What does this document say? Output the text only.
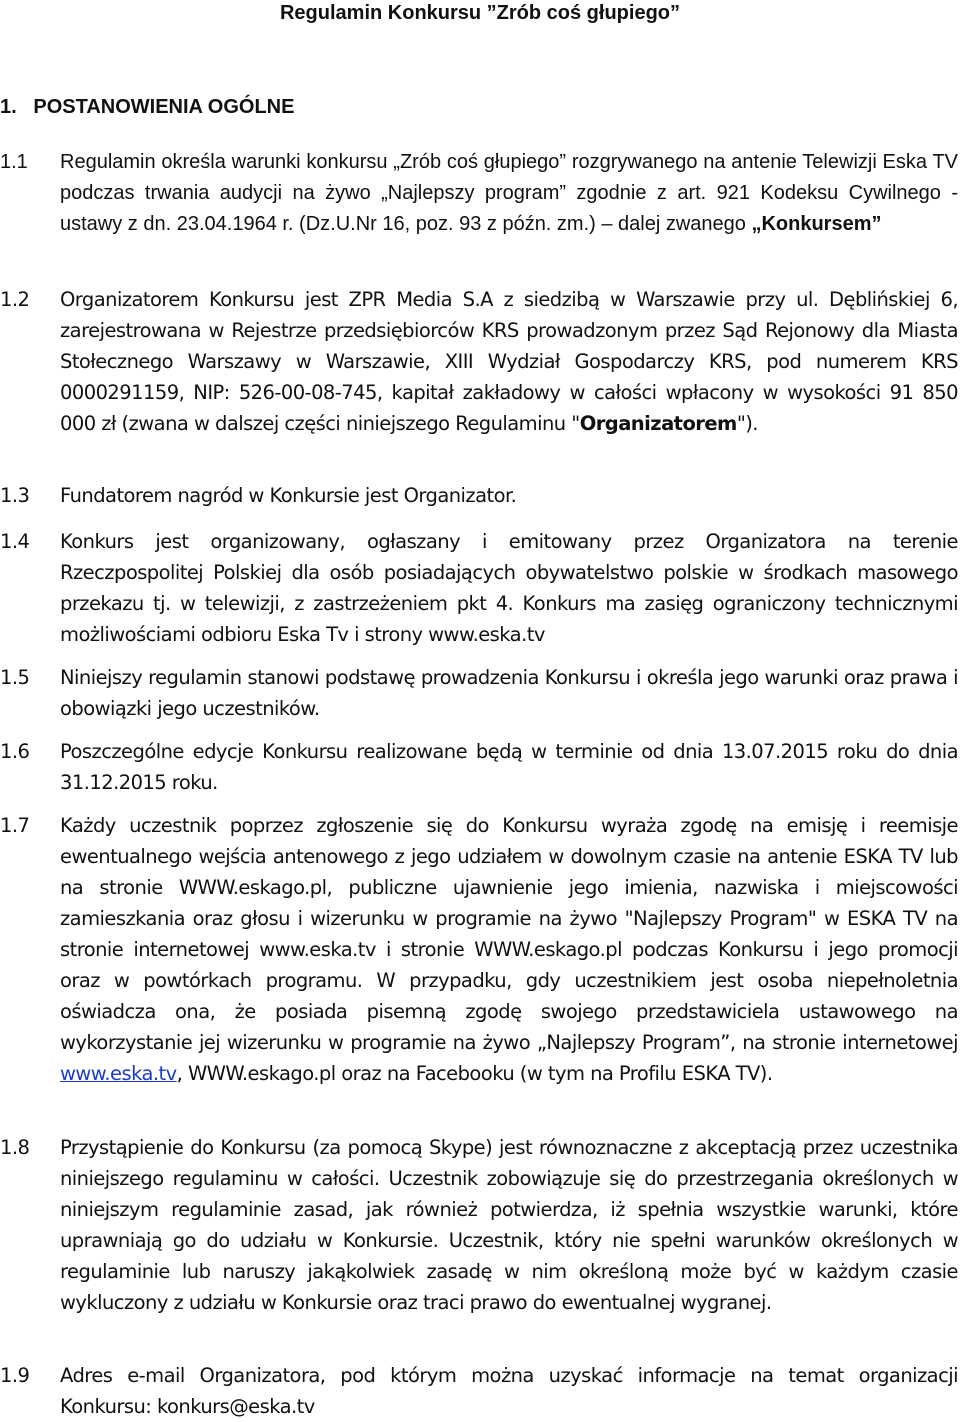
Regulamin Konkursu ”Zrób coś głupiego”
1.   POSTANOWIENIA OGÓLNE
1.1 Regulamin określa warunki konkursu „Zrób coś głupiego” rozgrywanego na antenie Telewizji Eska TV podczas trwania audycji na żywo „Najlepszy program” zgodnie z art. 921 Kodeksu Cywilnego - ustawy z dn. 23.04.1964 r. (Dz.U.Nr 16, poz. 93 z późn. zm.) – dalej zwanego „Konkursem”
1.2 Organizatorem Konkursu jest ZPR Media S.A z siedzibą w Warszawie przy ul. Dęblińskiej 6, zarejestrowana w Rejestrze przedsiębiorców KRS prowadzonym przez Sąd Rejonowy dla Miasta Stołecznego Warszawy w Warszawie, XIII Wydział Gospodarczy KRS, pod numerem KRS 0000291159, NIP: 526-00-08-745, kapitał zakładowy w całości wpłacony w wysokości 91 850 000 zł (zwana w dalszej części niniejszego Regulaminu "Organizatorem").
1.3 Fundatorem nagród w Konkursie jest Organizator.
1.4 Konkurs jest organizowany, ogłaszany i emitowany przez Organizatora na terenie Rzeczpospolitej Polskiej dla osób posiadających obywatelstwo polskie w środkach masowego przekazu tj. w telewizji, z zastrzeżeniem pkt 4. Konkurs ma zasięg ograniczony technicznymi możliwościami odbioru Eska Tv i strony www.eska.tv
1.5 Niniejszy regulamin stanowi podstawę prowadzenia Konkursu i określa jego warunki oraz prawa i obowiązki jego uczestników.
1.6 Poszczególne edycje Konkursu realizowane będą w terminie od dnia 13.07.2015 roku do dnia 31.12.2015 roku.
1.7 Każdy uczestnik poprzez zgłoszenie się do Konkursu wyraża zgodę na emisję i reemisje ewentualnego wejścia antenowego z jego udziałem w dowolnym czasie na antenie ESKA TV lub na stronie WWW.eskago.pl, publiczne ujawnienie jego imienia, nazwiska i miejscowości zamieszkania oraz głosu i wizerunku w programie na żywo "Najlepszy Program" w ESKA TV na stronie internetowej www.eska.tv i stronie WWW.eskago.pl podczas Konkursu i jego promocji oraz w powtórkach programu. W przypadku, gdy uczestnikiem jest osoba niepełnoletnia oświadcza ona, że posiada pisemną zgodę swojego przedstawiciela ustawowego na wykorzystanie jej wizerunku w programie na żywo „Najlepszy Program”, na stronie internetowej www.eska.tv, WWW.eskago.pl oraz na Facebooku (w tym na Profilu ESKA TV).
1.8 Przystąpienie do Konkursu (za pomocą Skype) jest równoznaczne z akceptacją przez uczestnika niniejszego regulaminu w całości. Uczestnik zobowiązuje się do przestrzegania określonych w niniejszym regulaminie zasad, jak również potwierdza, iż spełnia wszystkie warunki, które uprawniają go do udziału w Konkursie. Uczestnik, który nie spełni warunków określonych w regulaminie lub naruszy jakąkolwiek zasadę w nim określoną może być w każdym czasie wykluczony z udziału w Konkursie oraz traci prawo do ewentualnej wygranej.
1.9 Adres e-mail Organizatora, pod którym można uzyskać informacje na temat organizacji Konkursu: konkurs@eska.tv
